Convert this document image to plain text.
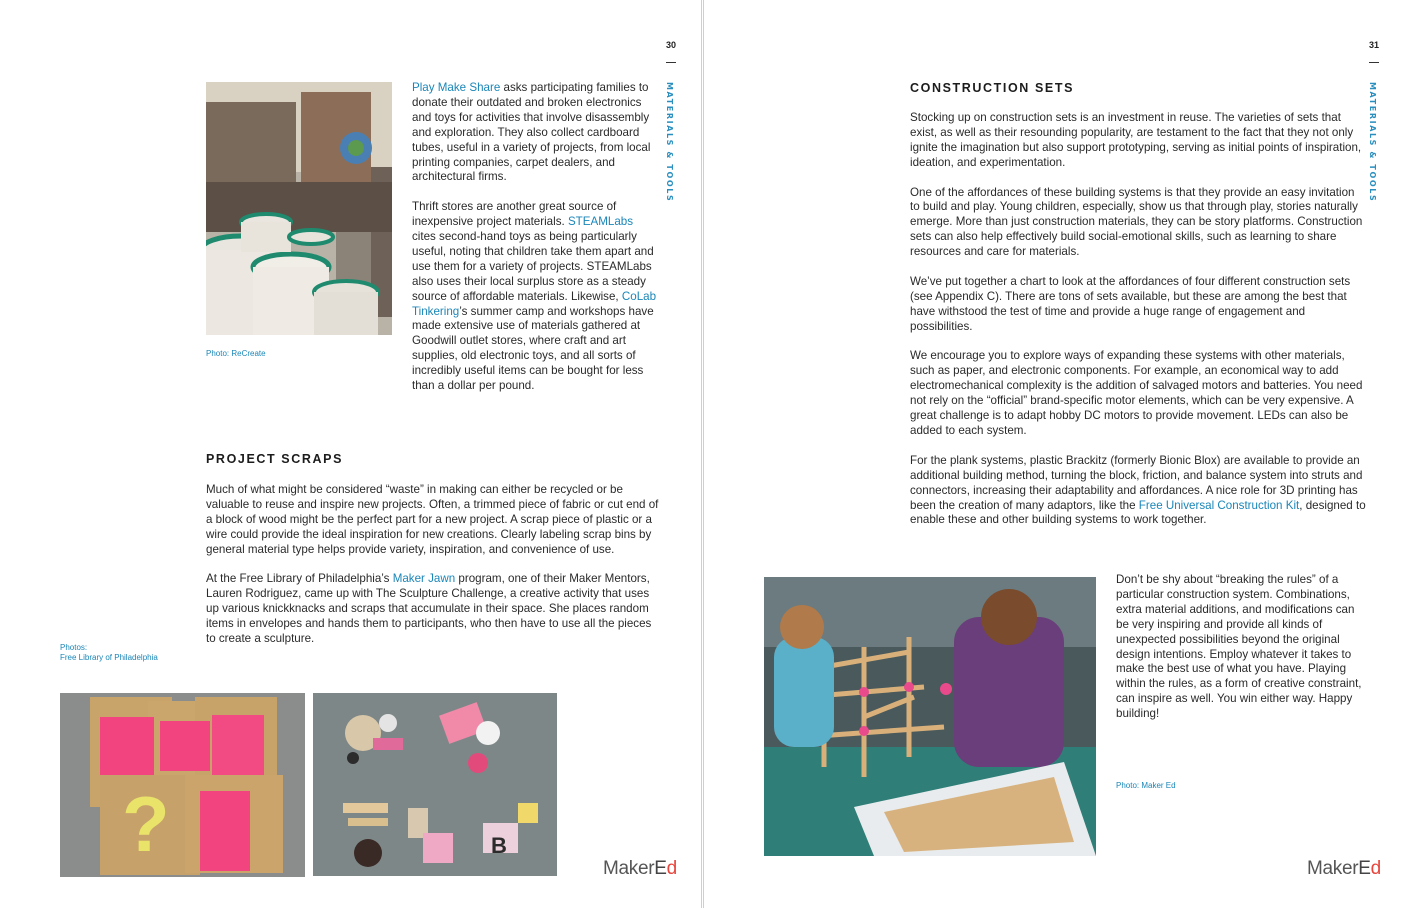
30
MATERIALS & TOOLS
Photo: ReCreate

Play Make Share asks participating families to donate their outdated and broken electronics and toys for activities that involve disassembly and exploration. They also collect cardboard tubes, useful in a variety of projects, from local printing companies, carpet dealers, and architectural firms.

Thrift stores are another great source of inexpensive project materials. STEAMLabs cites second-hand toys as being particularly useful, noting that children take them apart and use them for a variety of projects. STEAMLabs also uses their local surplus store as a steady source of affordable materials. Likewise, CoLab Tinkering’s summer camp and workshops have made extensive use of materials gathered at Goodwill outlet stores, where craft and art supplies, old electronic toys, and all sorts of incredibly useful items can be bought for less than a dollar per pound.

PROJECT SCRAPS

Much of what might be considered “waste” in making can either be recycled or be valuable to reuse and inspire new projects. Often, a trimmed piece of fabric or cut end of a block of wood might be the perfect part for a new project. A scrap piece of plastic or a wire could provide the ideal inspiration for new creations. Clearly labeling scrap bins by general material type helps provide variety, inspiration, and convenience of use.

At the Free Library of Philadelphia’s Maker Jawn program, one of their Maker Mentors, Lauren Rodriguez, came up with The Sculpture Challenge, a creative activity that uses up various knickknacks and scraps that accumulate in their space. She places random items in envelopes and hands them to participants, who then have to use all the pieces to create a sculpture.

Photos:
Free Library of Philadelphia
?	B
MakerEd
31
MATERIALS & TOOLS
CONSTRUCTION SETS

Stocking up on construction sets is an investment in reuse. The varieties of sets that exist, as well as their resounding popularity, are testament to the fact that they not only ignite the imagination but also support prototyping, serving as initial points of inspiration, ideation, and experimentation.

One of the affordances of these building systems is that they provide an easy invitation to build and play. Young children, especially, show us that through play, stories naturally emerge. More than just construction materials, they can be story platforms. Construction sets can also help effectively build social-emotional skills, such as learning to share resources and care for materials.

We’ve put together a chart to look at the affordances of four different construction sets (see Appendix C). There are tons of sets available, but these are among the best that have withstood the test of time and provide a huge range of engagement and possibilities.

We encourage you to explore ways of expanding these systems with other materials, such as paper, and electronic components. For example, an economical way to add electromechanical complexity is the addition of salvaged motors and batteries. You need not rely on the “official” brand-specific motor elements, which can be very expensive. A great challenge is to adapt hobby DC motors to provide movement. LEDs can also be added to each system.

For the plank systems, plastic Brackitz (formerly Bionic Blox) are available to provide an additional building method, turning the block, friction, and balance system into struts and connectors, increasing their adaptability and affordances. A nice role for 3D printing has been the creation of many adaptors, like the Free Universal Construction Kit, designed to enable these and other building systems to work together.

Don’t be shy about “breaking the rules” of a particular construction system. Combinations, extra material additions, and modifications can be very inspiring and provide all kinds of unexpected possibilities beyond the original design intentions. Employ whatever it takes to make the best use of what you have. Playing within the rules, as a form of creative constraint, can inspire as well. You win either way. Happy building!

Photo: Maker Ed
MakerEd
